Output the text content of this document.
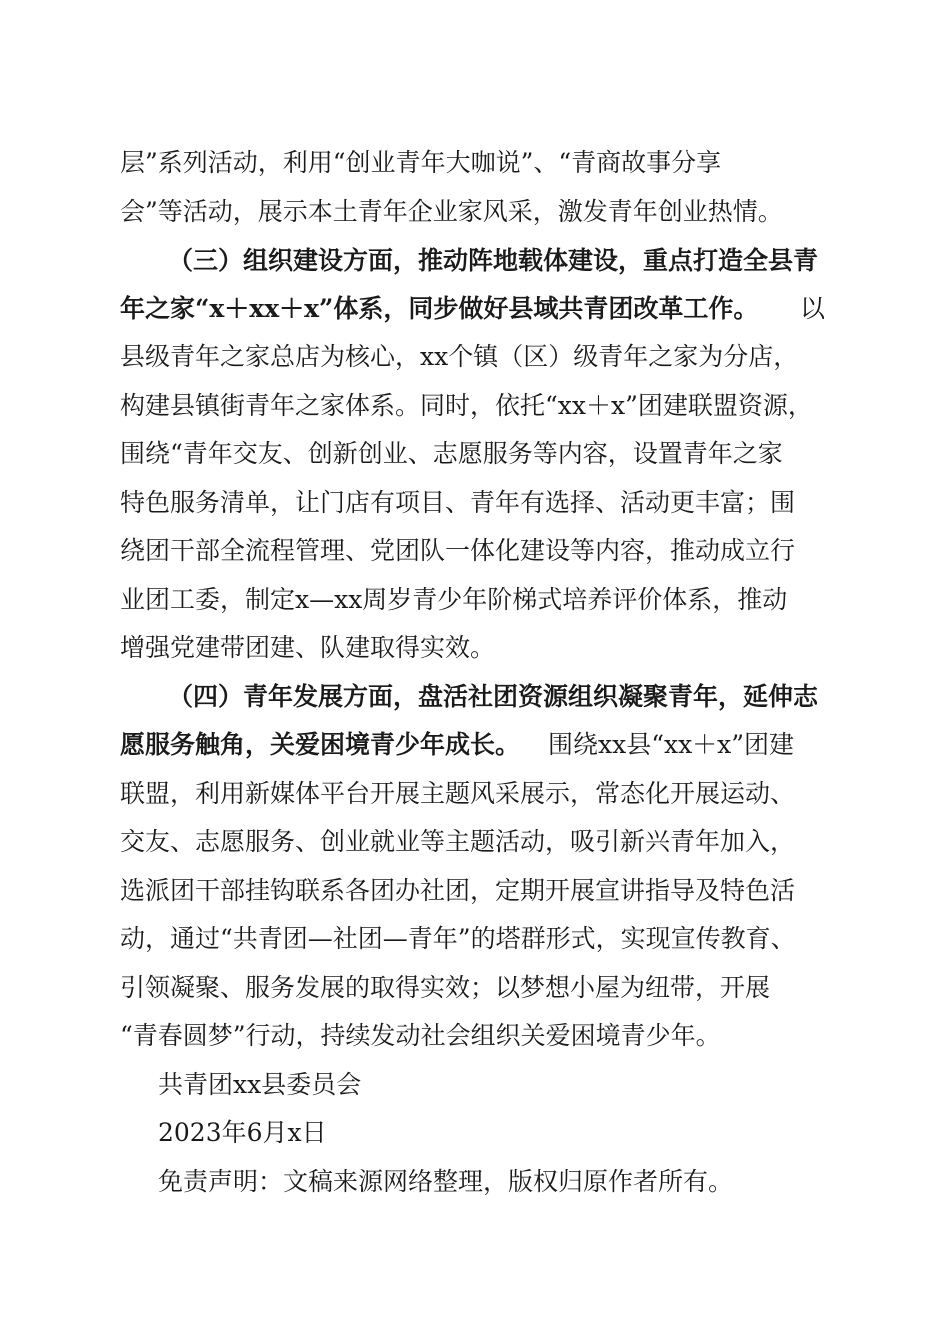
层”系列活动，利用“创业青年大咖说”、“青商故事分享
会”等活动，展示本土青年企业家风采，激发青年创业热情。
（三）组织建设方面，推动阵地载体建设，重点打造全县青
年之家“x＋xx＋x”体系，同步做好县域共青团改革工作。 以
县级青年之家总店为核心，xx个镇（区）级青年之家为分店，
构建县镇街青年之家体系。同时，依托“xx＋x”团建联盟资源，
围绕“青年交友、创新创业、志愿服务等内容，设置青年之家
特色服务清单，让门店有项目、青年有选择、活动更丰富；围
绕团干部全流程管理、党团队一体化建设等内容，推动成立行
业团工委，制定x—xx周岁青少年阶梯式培养评价体系，推动
增强党建带团建、队建取得实效。
（四）青年发展方面，盘活社团资源组织凝聚青年，延伸志
愿服务触角，关爱困境青少年成长。	围绕xx县“xx＋x”团建
联盟，利用新媒体平台开展主题风采展示，常态化开展运动、
交友、志愿服务、创业就业等主题活动，吸引新兴青年加入，
选派团干部挂钩联系各团办社团，定期开展宣讲指导及特色活
动，通过“共青团—社团—青年”的塔群形式，实现宣传教育、
引领凝聚、服务发展的取得实效；以梦想小屋为纽带，开展
“青春圆梦”行动，持续发动社会组织关爱困境青少年。
共青团xx县委员会
2023年6月x日
免责声明：文稿来源网络整理，版权归原作者所有。
